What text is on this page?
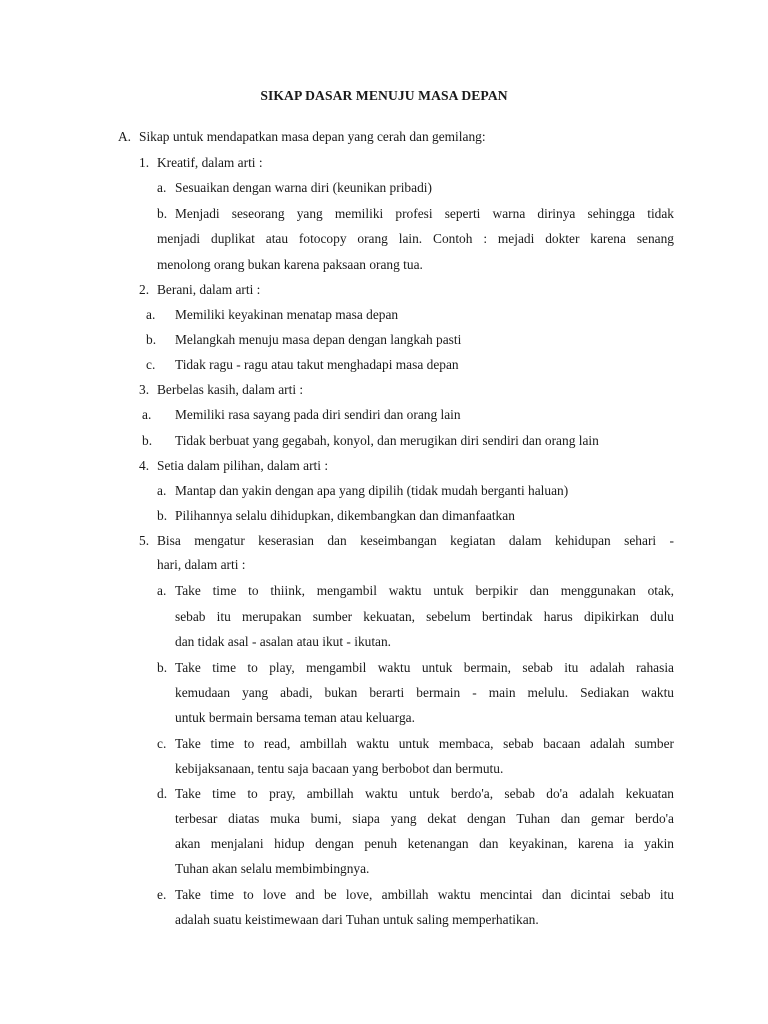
SIKAP DASAR MENUJU MASA DEPAN
A. Sikap untuk mendapatkan masa depan yang cerah dan gemilang:
1. Kreatif, dalam arti :
a. Sesuaikan dengan warna diri (keunikan pribadi)
b. Menjadi seseorang yang memiliki profesi seperti warna dirinya sehingga tidak
menjadi duplikat atau fotocopy orang lain. Contoh : mejadi dokter karena senang
menolong orang bukan karena paksaan orang tua.
2. Berani, dalam arti :
a. Memiliki keyakinan menatap masa depan
b. Melangkah menuju masa depan dengan langkah pasti
c. Tidak ragu - ragu atau takut menghadapi masa depan
3. Berbelas kasih, dalam arti :
a. Memiliki rasa sayang pada diri sendiri dan orang lain
b. Tidak berbuat yang gegabah, konyol, dan merugikan diri sendiri dan orang lain
4. Setia dalam pilihan, dalam arti :
a. Mantap dan yakin dengan apa yang dipilih (tidak mudah berganti haluan)
b. Pilihannya selalu dihidupkan, dikembangkan dan dimanfaatkan
5. Bisa mengatur keserasian dan keseimbangan kegiatan dalam kehidupan sehari -
hari, dalam arti :
a. Take time to thiink, mengambil waktu untuk berpikir dan menggunakan otak,
sebab itu merupakan sumber kekuatan, sebelum bertindak harus dipikirkan dulu
dan tidak asal - asalan atau ikut - ikutan.
b. Take time to play, mengambil waktu untuk bermain, sebab itu adalah rahasia
kemudaan yang abadi, bukan berarti bermain - main melulu. Sediakan waktu
untuk bermain bersama teman atau keluarga.
c. Take time to read, ambillah waktu untuk membaca, sebab bacaan adalah sumber
kebijaksanaan, tentu saja bacaan yang berbobot dan bermutu.
d. Take time to pray, ambillah waktu untuk berdo'a, sebab do'a adalah kekuatan
terbesar diatas muka bumi, siapa yang dekat dengan Tuhan dan gemar berdo'a
akan menjalani hidup dengan penuh ketenangan dan keyakinan, karena ia yakin
Tuhan akan selalu membimbingnya.
e. Take time to love and be love, ambillah waktu mencintai dan dicintai sebab itu
adalah suatu keistimewaan dari Tuhan untuk saling memperhatikan.
